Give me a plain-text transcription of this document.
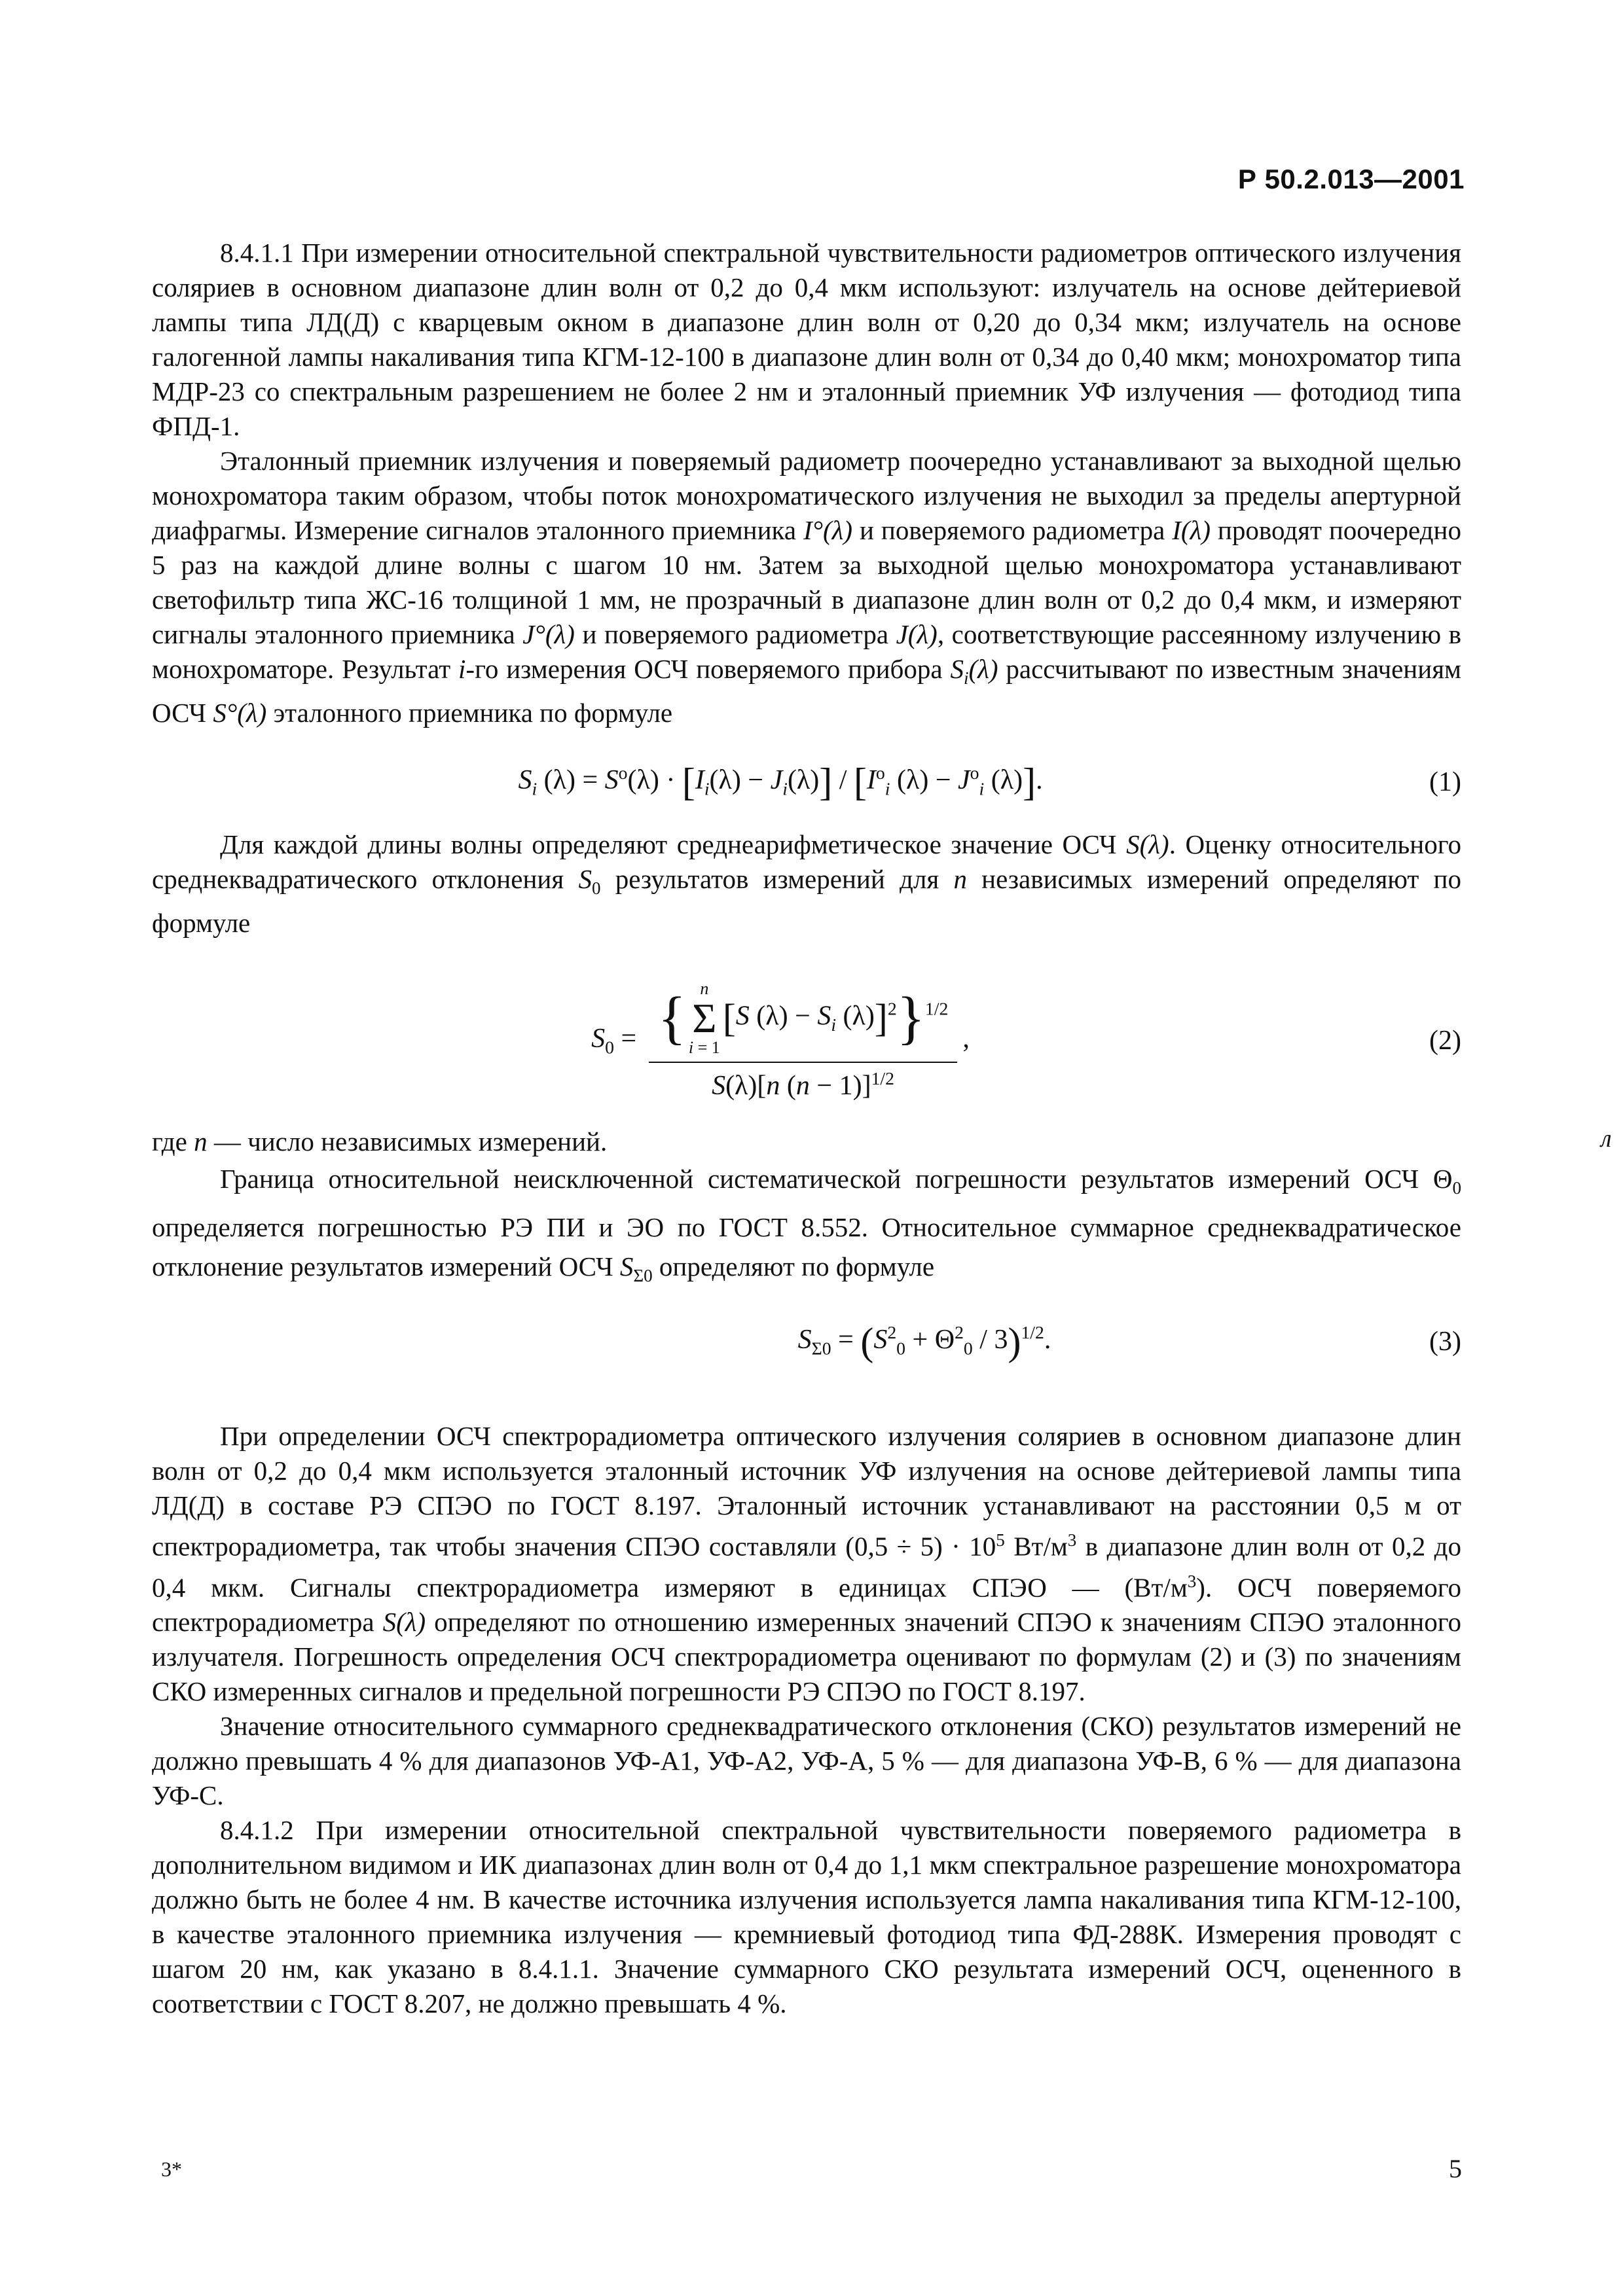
Р 50.2.013—2001

8.4.1.1 При измерении относительной спектральной чувствительности радиометров оптического излучения соляриев в основном диапазоне длин волн от 0,2 до 0,4 мкм используют: излучатель на основе дейтериевой лампы типа ЛД(Д) с кварцевым окном в диапазоне длин волн от 0,20 до 0,34 мкм; излучатель на основе галогенной лампы накаливания типа КГМ-12-100 в диапазоне длин волн от 0,34 до 0,40 мкм; монохроматор типа МДР-23 со спектральным разрешением не более 2 нм и эталонный приемник УФ излучения — фотодиод типа ФПД-1.

Эталонный приемник излучения и поверяемый радиометр поочередно устанавливают за выходной щелью монохроматора таким образом, чтобы поток монохроматического излучения не выходил за пределы апертурной диафрагмы. Измерение сигналов эталонного приемника I°(λ) и поверяемого радиометра I(λ) проводят поочередно 5 раз на каждой длине волны с шагом 10 нм. Затем за выходной щелью монохроматора устанавливают светофильтр типа ЖС-16 толщиной 1 мм, не прозрачный в диапазоне длин волн от 0,2 до 0,4 мкм, и измеряют сигналы эталонного приемника J°(λ) и поверяемого радиометра J(λ), соответствующие рассеянному излучению в монохроматоре. Результат i-го измерения ОСЧ поверяемого прибора $S_i(\lambda)$ рассчитывают по известным значениям ОСЧ S°(λ) эталонного приемника по формуле

$S_i$ $(\lambda) = S^o(\lambda) \cdot [I_i(\lambda) - J_i(\lambda)] / [I^o_i$ $(\lambda) - J^o_i$ (λ)].	(1)

Для каждой длины волны определяют среднеарифметическое значение ОСЧ S(λ). Оценку относительного среднеквадратического отклонения $S_0$ результатов измерений для n независимых измерений определяют по формуле

$S_0$ = { n
Σ
i = 1
[S $(\lambda) - S_i$ (λ)]$^2$}$^{1/2}$
S(λ)[n (n − 1)]$^{1/2}$ ,	(2)

где n — число независимых измерений.

Граница относительной неисключенной систематической погрешности результатов измерений ОСЧ $\Theta_0$ определяется погрешностью РЭ ПИ и ЭО по ГОСТ 8.552. Относительное суммарное среднеквадратическое отклонение результатов измерений ОСЧ $S_{\Sigma 0}$ определяют по формуле

$S_{\Sigma 0} = (S^2_0 + \Theta^2_0 / 3)^{1/2}$.	(3)

При определении ОСЧ спектрорадиометра оптического излучения соляриев в основном диапазоне длин волн от 0,2 до 0,4 мкм используется эталонный источник УФ излучения на основе дейтериевой лампы типа ЛД(Д) в составе РЭ СПЭО по ГОСТ 8.197. Эталонный источник устанавливают на расстоянии 0,5 м от спектрорадиометра, так чтобы значения СПЭО составляли $(0,5 \div 5) \cdot 10^5$ $Вт/м^3$ в диапазоне длин волн от 0,2 до 0,4 мкм. Сигналы спектрорадиометра измеряют в единицах СПЭО — $(Вт/м^3)$. ОСЧ поверяемого спектрорадиометра S(λ) определяют по отношению измеренных значений СПЭО к значениям СПЭО эталонного излучателя. Погрешность определения ОСЧ спектрорадиометра оценивают по формулам (2) и (3) по значениям СКО измеренных сигналов и предельной погрешности РЭ СПЭО по ГОСТ 8.197.

Значение относительного суммарного среднеквадратического отклонения (СКО) результатов измерений не должно превышать 4 % для диапазонов УФ-А1, УФ-А2, УФ-А, 5 % — для диапазона УФ-В, 6 % — для диапазона УФ-С.

8.4.1.2 При измерении относительной спектральной чувствительности поверяемого радиометра в дополнительном видимом и ИК диапазонах длин волн от 0,4 до 1,1 мкм спектральное разрешение монохроматора должно быть не более 4 нм. В качестве источника излучения используется лампа накаливания типа КГМ-12-100, в качестве эталонного приемника излучения — кремниевый фотодиод типа ФД-288К. Измерения проводят с шагом 20 нм, как указано в 8.4.1.1. Значение суммарного СКО результата измерений ОСЧ, оцененного в соответствии с ГОСТ 8.207, не должно превышать 4 %.

л
3*	5
